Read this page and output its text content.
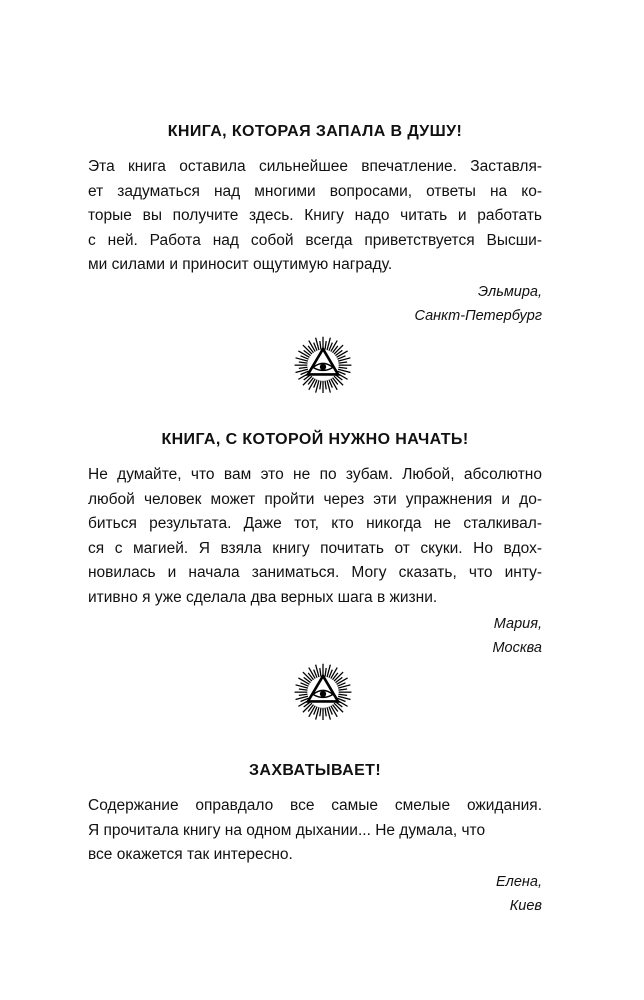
КНИГА, КОТОРАЯ ЗАПАЛА В ДУШУ!

Эта книга оставила сильнейшее впечатление. Заставля-
ет задуматься над многими вопросами, ответы на ко-
торые вы получите здесь. Книгу надо читать и работать
с ней. Работа над собой всегда приветствуется Высши-
ми силами и приносит ощутимую награду.

Эльмира,
Санкт-Петербург
КНИГА, С КОТОРОЙ НУЖНО НАЧАТЬ!

Не думайте, что вам это не по зубам. Любой, абсолютно
любой человек может пройти через эти упражнения и до-
биться результата. Даже тот, кто никогда не сталкивал-
ся с магией. Я взяла книгу почитать от скуки. Но вдох-
новилась и начала заниматься. Могу сказать, что инту-
итивно я уже сделала два верных шага в жизни.

Мария,
Москва
ЗАХВАТЫВАЕТ!

Содержание оправдало все самые смелые ожидания.
Я прочитала книгу на одном дыхании... Не думала, что
все окажется так интересно.

Елена,
Киев
